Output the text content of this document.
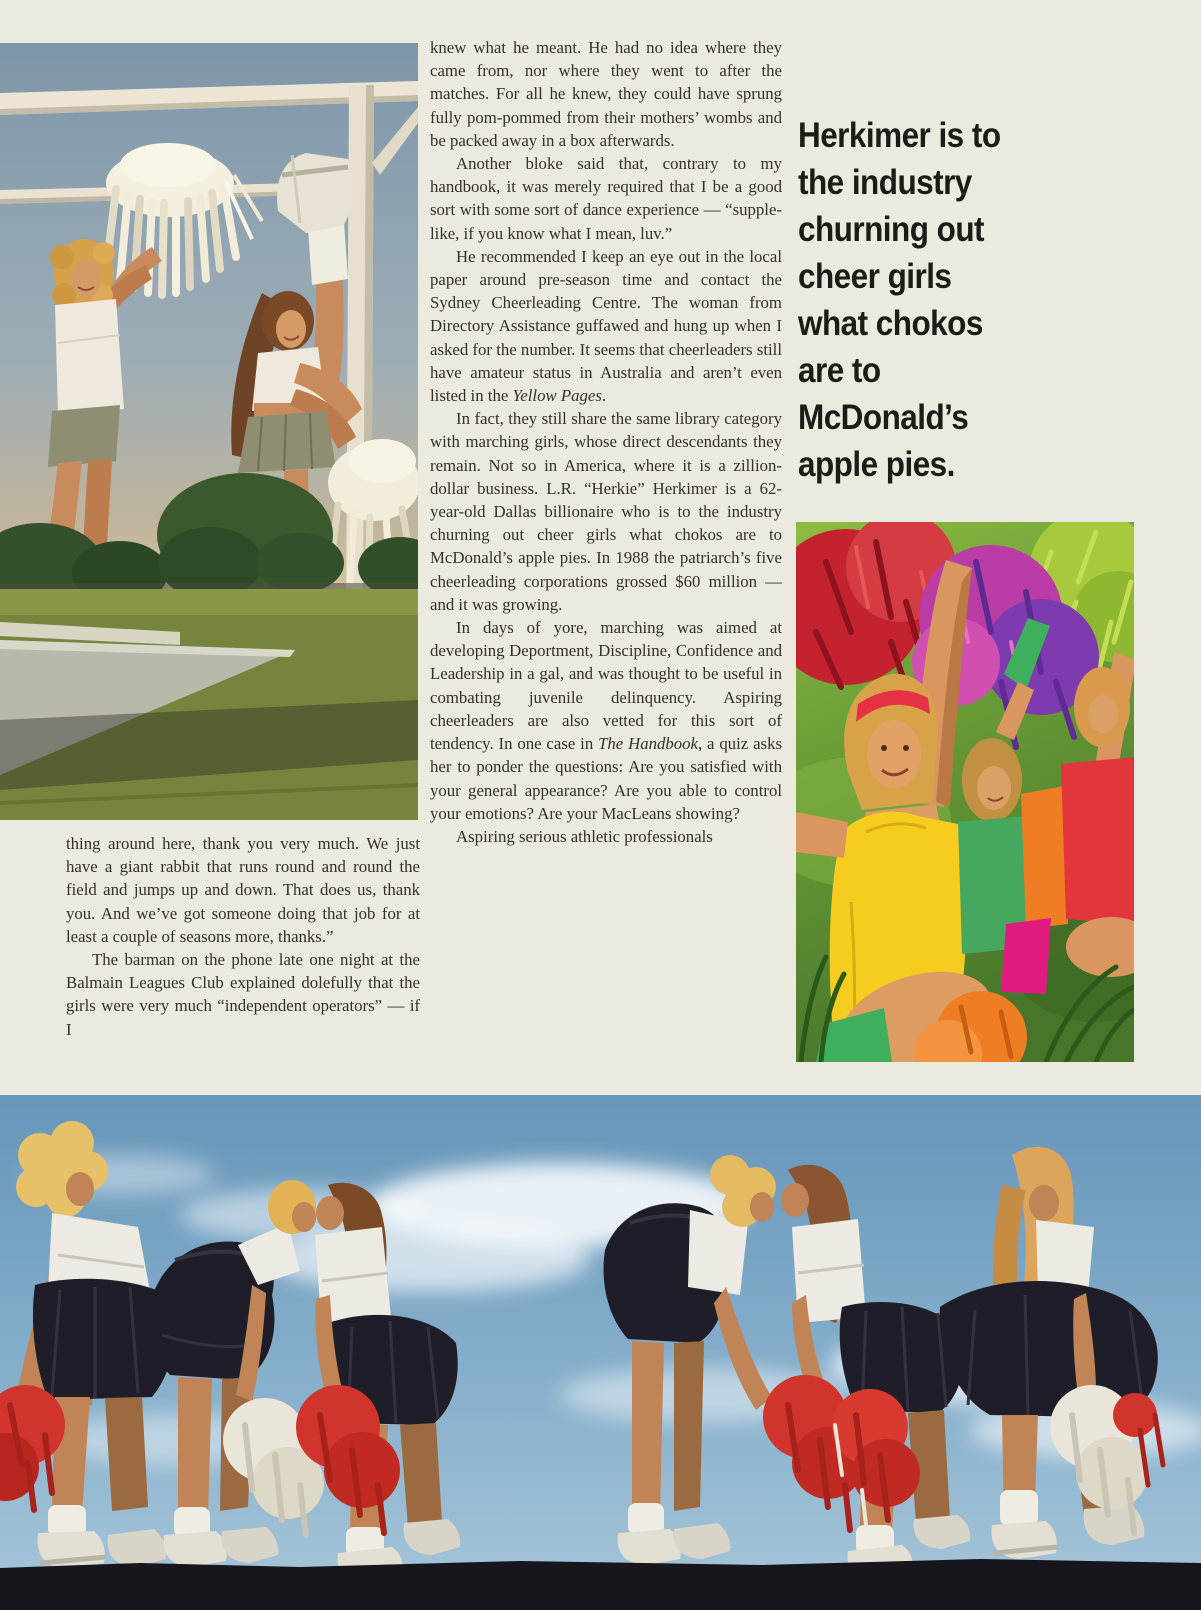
knew what he meant. He had no idea where they came from, nor where they went to after the matches. For all he knew, they could have sprung fully pom-pommed from their mothers’ wombs and be packed away in a box afterwards.

Another bloke said that, contrary to my handbook, it was merely required that I be a good sort with some sort of dance experience — “supple-like, if you know what I mean, luv.”

He recommended I keep an eye out in the local paper around pre-season time and contact the Sydney Cheerleading Centre. The woman from Directory Assistance guffawed and hung up when I asked for the number. It seems that cheerleaders still have amateur status in Australia and aren’t even listed in the Yellow Pages.

In fact, they still share the same library category with marching girls, whose direct descendants they remain. Not so in America, where it is a zillion-dollar business. L.R. “Herkie” Herkimer is a 62-year-old Dallas billionaire who is to the industry churning out cheer girls what chokos are to McDonald’s apple pies. In 1988 the patriarch’s five cheerleading corporations grossed $60 million — and it was growing.

In days of yore, marching was aimed at developing Deportment, Discipline, Confidence and Leadership in a gal, and was thought to be useful in combating juvenile delinquency. Aspiring cheerleaders are also vetted for this sort of tendency. In one case in The Handbook, a quiz asks her to ponder the questions: Are you satisfied with your general appearance? Are you able to control your emotions? Are your MacLeans showing?

Aspiring serious athletic professionals

Herkimer is to
the industry
churning out
cheer girls
what chokos
are to
McDonald’s
apple pies.

thing around here, thank you very much. We just have a giant rabbit that runs round and round the field and jumps up and down. That does us, thank you. And we’ve got someone doing that job for at least a couple of seasons more, thanks.”

The barman on the phone late one night at the Balmain Leagues Club explained dolefully that the girls were very much “independent operators” — if I
